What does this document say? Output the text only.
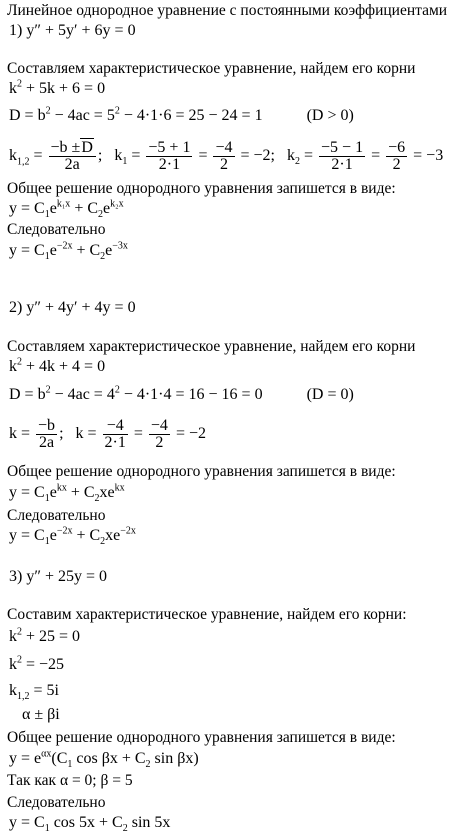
Линейное однородное уравнение с постоянными коэффициентами
1) y″ + 5y′ + 6y = 0
Составляем характеристическое уравнение, найдем его корни
$k^2 + 5k + 6 = 0$
$D = b^2 - 4ac = 5^2 - 4\cdot 1\cdot 6 = 25 - 24 = 1$	(D > 0)
$k_{1,2} = \frac{-b \pm D}{2a}$ ;   $k_1 = \frac{-5 + 1}{2\cdot 1} = \frac{-4}{2} = -2$; $k_2 = \frac{-5 - 1}{2\cdot 1} = \frac{-6}{2} = -3$
Общее решение однородного уравнения запишется в виде:
$y = C_1e^{k_1x} + C_2e^{k_2x}$
Следовательно
$y = C_1e^{-2x} + C_2e^{-3x}$
2) y″ + 4y′ + 4y = 0
Составляем характеристическое уравнение, найдем его корни
$k^2 + 4k + 4 = 0$
$D = b^2 - 4ac = 4^2 - 4\cdot 1\cdot 4 = 16 - 16 = 0$	(D = 0)
$k = \frac{-b}{2a}$ ;   $k = \frac{-4}{2\cdot 1} = \frac{-4}{2} = -2$
Общее решение однородного уравнения запишется в виде:
$y = C_1e^{kx} + C_2xe^{kx}$
Следовательно
$y = C_1e^{-2x} + C_2xe^{-2x}$
3) y″ + 25y = 0
Составим характеристическое уравнение, найдем его корни:
$k^2 + 25 = 0$
$k^2 = -25$
$k_{1,2} = 5i$
α ± βi
Общее решение однородного уравнения запишется в виде:
$y = e^{\alpha x}(C_1$ $\cos \beta x + C_2$ sin βx)
Так как α = 0; β = 5
Следовательно
$y = C_1$ $\cos 5x + C_2$ sin 5x
